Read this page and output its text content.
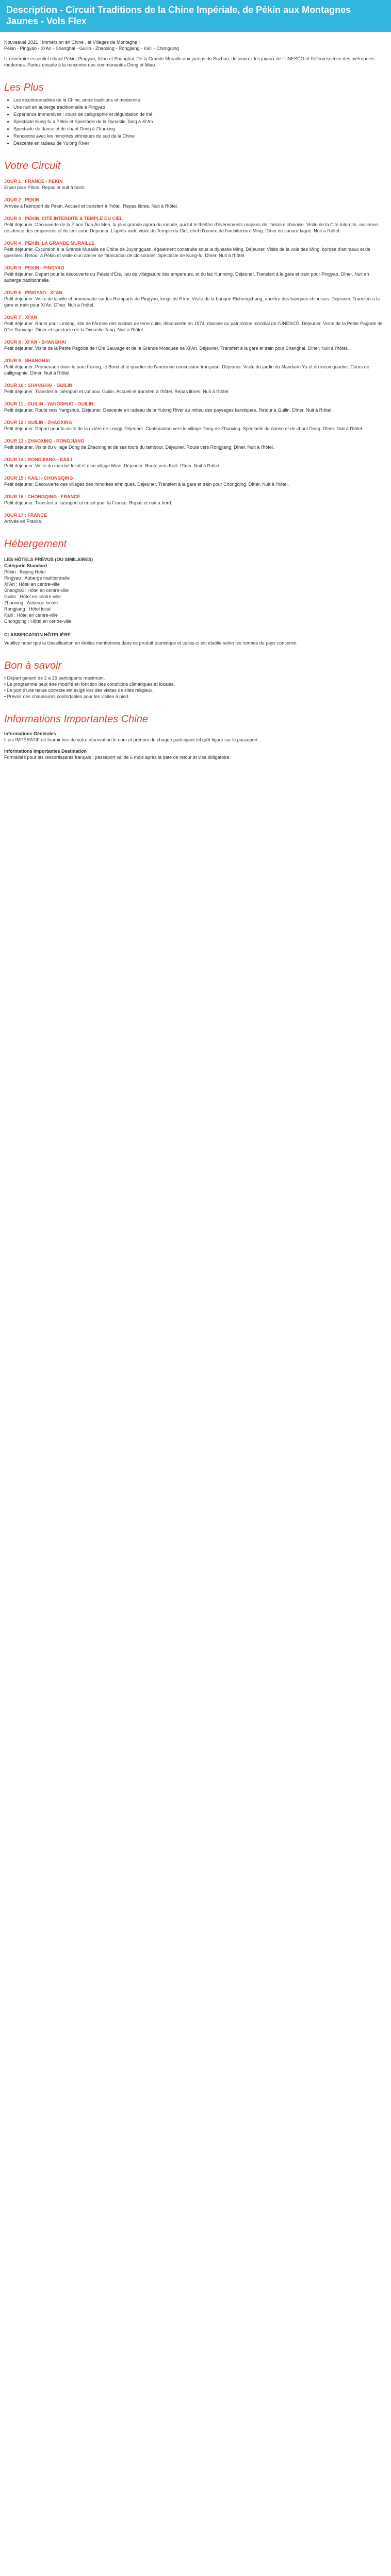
Description - Circuit Traditions de la Chine Impériale, de Pékin aux Montagnes Jaunes - Vols Flex
Nouveauté 2021 ! Immersion en Chine , et Villages de Montagne !
Pékin - Pingyao - Xi'An - Shanghai - Guilin - Zhaoxing - Rongjiang - Kaili - Chongqing
Un itinéraire essentiel reliant Pékin, Pingyao, Xi'an et Shanghai. De la Grande Muraille aux jardins de Suzhou, découvrez les joyaux de l'UNESCO et l'effervescence des métropoles modernes. Partez ensuite à la rencontre des communautés Dong et Miao.
Les Plus
• Les incontournables de la Chine, entre traditions et modernité
• Une nuit en auberge traditionnelle à Pingyao
• Expérience immersives : cours de calligraphie et dégustation de thé
• Spectacle Kung-fu à Pékin et Spectacle de la Dynastie Tang à Xi'An
• Spectacle de danse et de chant Dong à Zhaoxing
• Rencontre avec les minorités ethniques du sud de la Chine
• Descente en radeau de Yulong River
Votre Circuit
JOUR 1 : FRANCE - PEKIN
Envol pour Pékin. Repas et nuit à bord.
JOUR 2 : PEKIN
Arrivée à l'aéroport de Pékin. Accueil et transfert à l'hôtel. Repas libres. Nuit à l'hôtel.
JOUR 3 : PEKIN, CITÉ INTERDITE & TEMPLE DU CIEL
Petit déjeuner. Découverte de la Place Tian An Men, la plus grande agora du monde, qui fut le théâtre d'événements majeurs de l'histoire chinoise. Visite de la Cité Interdite, ancienne résidence des empereurs et de leur cour. Déjeuner. L'après-midi, visite du Temple du Ciel, chef-d'œuvre de l'architecture Ming. Dîner de canard laqué. Nuit à l'hôtel.
JOUR 4 : PEKIN, LA GRANDE MURAILLE
Petit déjeuner. Excursion à la Grande Muraille de Chine de Juyongguan, également construite sous la dynastie Ming. Déjeuner. Visite de la voie des Ming, bordée d'animaux et de guerriers. Retour à Pékin et visite d'un atelier de fabrication de cloisonnés. Spectacle de Kung-fu. Dîner. Nuit à l'hôtel.
JOUR 5 : PEKIN - PINGYAO
Petit déjeuner. Départ pour la découverte du Palais d'Été, lieu de villégiature des empereurs, et du lac Kunming. Déjeuner. Transfert à la gare et train pour Pingyao. Dîner. Nuit en auberge traditionnelle.
JOUR 6 : PINGYAO - XI'AN
Petit déjeuner. Visite de la ville et promenade sur les Remparts de Pingyao, longs de 6 km. Visite de la banque Rishengchang, ancêtre des banques chinoises. Déjeuner. Transfert à la gare et train pour Xi'An. Dîner. Nuit à l'hôtel.
JOUR 7 : XI'AN
Petit déjeuner. Route pour Lintong, site de l'Armée des soldats de terre cuite, découverte en 1974, classée au patrimoine mondial de l'UNESCO. Déjeuner. Visite de la Petite Pagode de l'Oie Sauvage. Dîner et spectacle de la Dynastie Tang. Nuit à l'hôtel.
JOUR 8 : XI'AN - SHANGHAI
Petit déjeuner. Visite de la Petite Pagode de l'Oie Sauvage et de la Grande Mosquée de Xi'An. Déjeuner. Transfert à la gare et train pour Shanghai. Dîner. Nuit à l'hôtel.
JOUR 9 : SHANGHAI
Petit déjeuner. Promenade dans le parc Fuxing, le Bund et le quartier de l'ancienne concession française. Déjeuner. Visite du jardin du Mandarin Yu et du vieux quartier. Cours de calligraphie. Dîner. Nuit à l'hôtel.
JOUR 10 : SHANGHAI - GUILIN
Petit déjeuner. Transfert à l'aéroport et vol pour Guilin. Accueil et transfert à l'hôtel. Repas libres. Nuit à l'hôtel.
JOUR 11 : GUILIN - YANGSHUO - GUILIN
Petit déjeuner. Route vers Yangshuo. Déjeuner. Descente en radeau de la Yulong River au milieu des paysages karstiques. Retour à Guilin. Dîner. Nuit à l'hôtel.
JOUR 12 : GUILIN - ZHAOXING
Petit déjeuner. Départ pour la visite de la rizière de Longji. Déjeuner. Continuation vers le village Dong de Zhaoxing. Spectacle de danse et de chant Dong. Dîner. Nuit à l'hôtel.
JOUR 13 : ZHAOXING - RONGJIANG
Petit déjeuner. Visite du village Dong de Zhaoxing et de ses tours du tambour. Déjeuner. Route vers Rongjiang. Dîner. Nuit à l'hôtel.
JOUR 14 : RONGJIANG - KAILI
Petit déjeuner. Visite du marché local et d'un village Miao. Déjeuner. Route vers Kaili. Dîner. Nuit à l'hôtel.
JOUR 15 : KAILI - CHONGQING
Petit déjeuner. Découverte des villages des minorités ethniques. Déjeuner. Transfert à la gare et train pour Chongqing. Dîner. Nuit à l'hôtel.
JOUR 16 : CHONGQING - FRANCE
Petit déjeuner. Transfert à l'aéroport et envol pour la France. Repas et nuit à bord.
JOUR 17 : FRANCE
Arrivée en France.
Hébergement
LES HÔTELS PRÉVUS (OU SIMILAIRES)
Catégorie Standard
Pékin : Beijing Hotel
Pingyao : Auberge traditionnelle
Xi'An : Hôtel en centre-ville
Shanghai : Hôtel en centre-ville
Guilin : Hôtel en centre-ville
Zhaoxing : Auberge locale
Rongjiang : Hôtel local
Kaili : Hôtel en centre-ville
Chongqing : Hôtel en centre-ville
CLASSIFICATION HÔTELIÈRE
Veuillez noter que la classification en étoiles mentionnée dans ce produit touristique et celles-ci est établie selon les normes du pays concerné.
Bon à savoir
• Départ garanti de 2 à 25 participants maximum.
• Le programme peut être modifié en fonction des conditions climatiques et locales.
• Le port d'une tenue correcte est exigé lors des visites de sites religieux.
• Prévoir des chaussures confortables pour les visites à pied.
Informations Importantes Chine
Informations Générales
Il est IMPÉRATIF de fournir lors de votre réservation le nom et prénom de chaque participant tel qu'il figure sur le passeport.
Informations Importantes Destination
Formalités pour les ressortissants français : passeport valide 6 mois après la date de retour et visa obligatoire.
